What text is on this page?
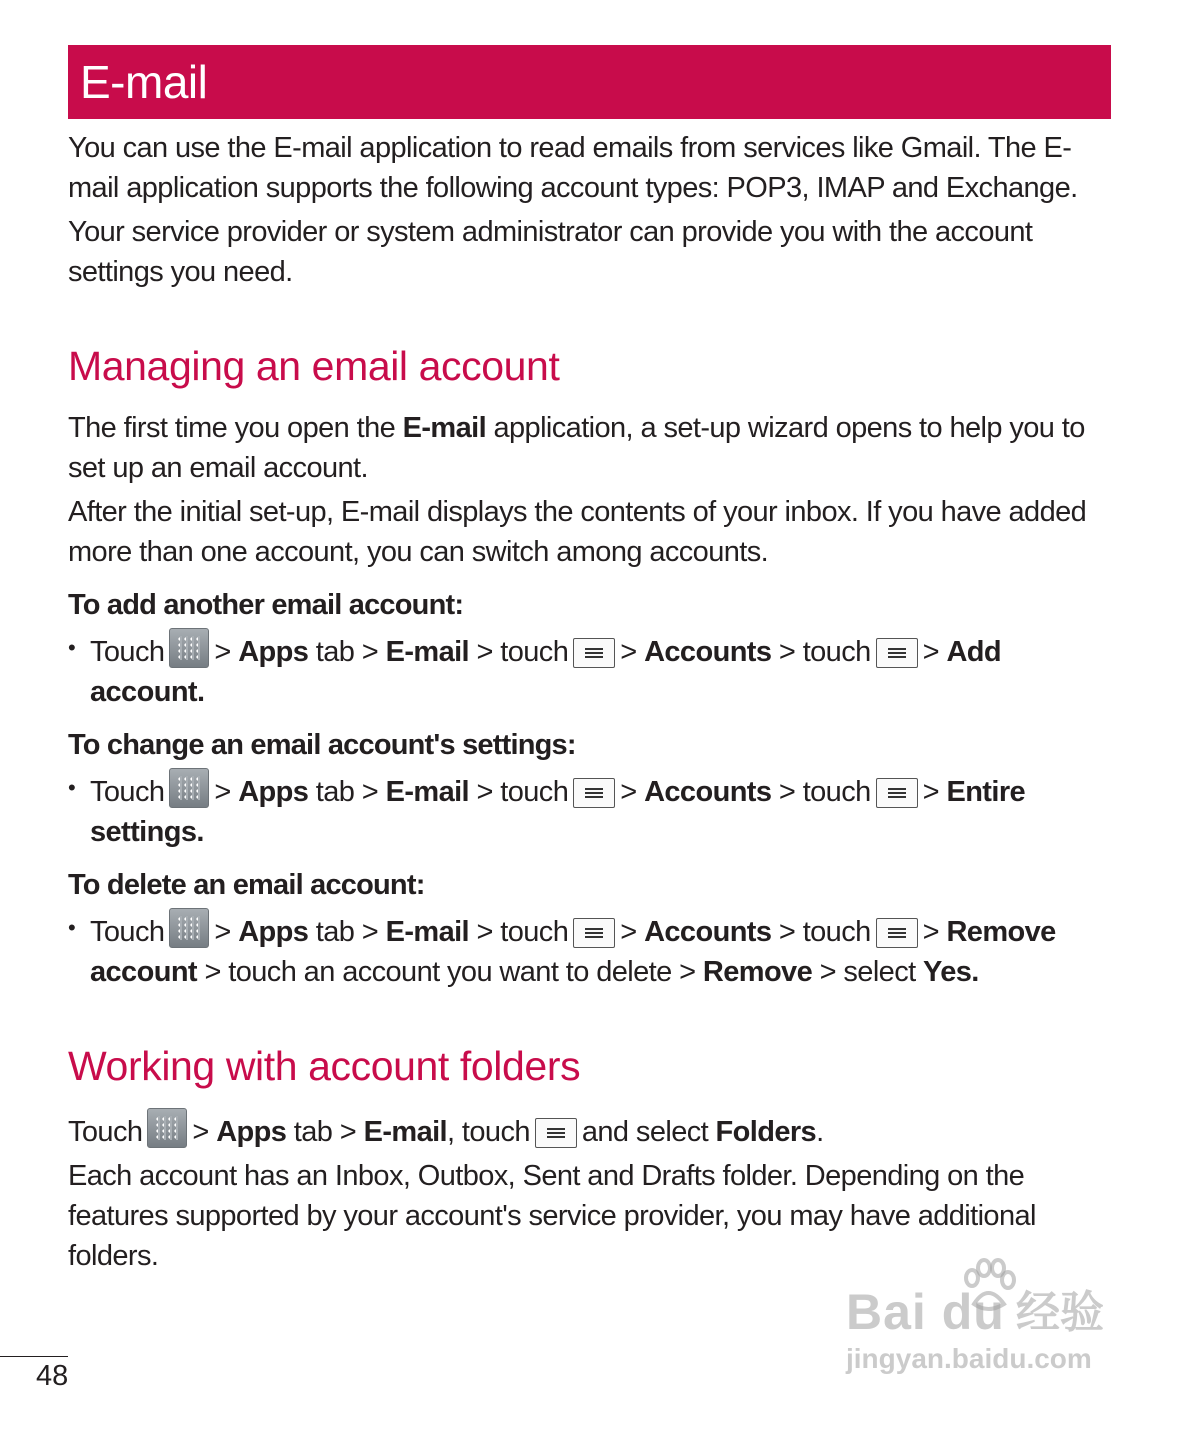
E-mail

You can use the E-mail application to read emails from services like Gmail. The E-mail application supports the following account types: POP3, IMAP and Exchange.

Your service provider or system administrator can provide you with the account settings you need.

Managing an email account

The first time you open the E-mail application, a set-up wizard opens to help you to set up an email account.

After the initial set-up, E-mail displays the contents of your inbox. If you have added more than one account, you can switch among accounts.

To add another email account:

• Touch > Apps tab > E-mail > touch > Accounts > touch > Add account.

To change an email account's settings:

• Touch > Apps tab > E-mail > touch > Accounts > touch > Entire settings.

To delete an email account:

• Touch > Apps tab > E-mail > touch > Accounts > touch > Remove account > touch an account you want to delete > Remove > select Yes.

Working with account folders

Touch > Apps tab > E-mail, touch and select Folders.

Each account has an Inbox, Outbox, Sent and Drafts folder. Depending on the features supported by your account's service provider, you may have additional folders.

48
Bai du 经验
jingyan.baidu.com
